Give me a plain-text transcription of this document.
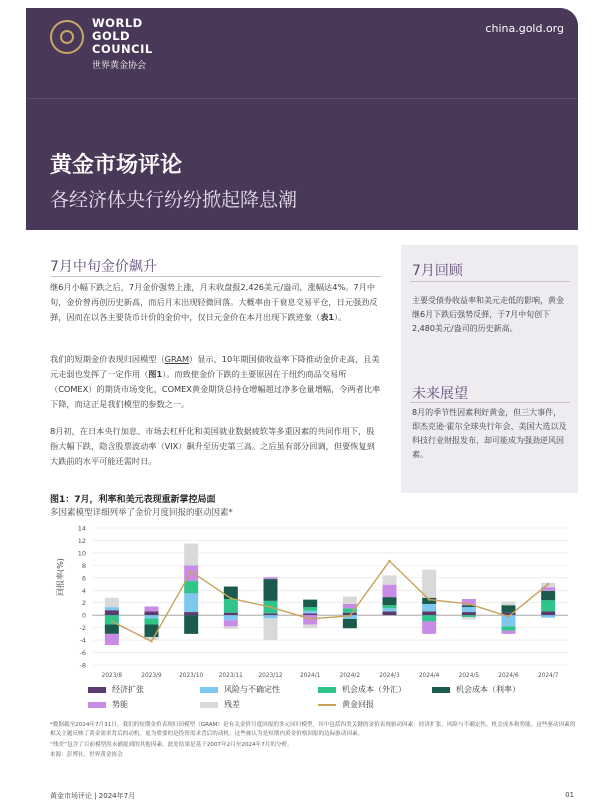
WORLD
GOLD
COUNCIL
世界黄金协会
china.gold.org
黄金市场评论
各经济体央行纷纷掀起降息潮
7月中旬金价飙升
继6月小幅下跌之后，7月金价强势上涨，月末收盘报2,426美元/盎司，涨幅达4%。7月中旬，金价曾再创历史新高，而后月末出现轻微回落。大概率由于衰息交易平仓，日元强劲反弹，因而在以各主要货币计价的金价中，仅日元金价在本月出现下跌迹象（表1）。
我们的短期金价表现归因模型（GRAM）显示，10年期国债收益率下降推动金价走高，且美元走弱也发挥了一定作用（图1）。而致使金价下跌的主要原因在于纽约商品交易所（COMEX）的期货市场变化，COMEX黄金期货总持仓增幅超过净多仓量增幅，令两者比率下降，而这正是我们模型的参数之一。
8月初，在日本央行加息、市场去杠杆化和美国就业数据疲软等多重因素的共同作用下，股指大幅下跌，隐含股票波动率（VIX）飙升至历史第三高。之后虽有部分回调，但要恢复到大跌前的水平可能还需时日。
7月回顾
主要受债券收益率和美元走低的影响，黄金继6月下跌后强势反弹，于7月中旬创下2,480美元/盎司的历史新高。
未来展望
8月的季节性因素利好黄金，但三大事件，即杰克逊·霍尔全球央行年会、美国大选以及科技行业财报发布，却可能成为强劲逆风因素。
图1：7月，利率和美元表现重新掌控局面
多因素模型详细列举了金价月度回报的驱动因素*
回报率(%)
-8
-6
-4
-2
0
2
4
6
8
10
12
14
2023/8	2023/9	2023/10	2023/11	2023/12	2024/1	2024/2	2024/3	2024/4	2024/5	2024/6	2024/7
经济扩张	风险与不确定性	机会成本（外汇）	机会成本（利率）
势能	残差	黄金回报
*数据截至2024年7月31日。我们的短期金价表现归因模型（GRAM）是有关金价月度回报的多元回归模型，其中包括四类关键的金价表现驱动因素：经济扩张、风险与不确定性、机会成本和势能。这些驱动因素的相关主题反映了黄金需求背后的动机。更为重要的是投资需求背后的动机。这些被认为是短期内黄金价格回报的边际驱动因素。
“残差”包含了目前模型尚未捕捉到的其他因素。此处结果是基于2007年2月至2024年7月的分析。
来源：彭博社，世界黄金协会
黄金市场评论 | 2024年7月	01
